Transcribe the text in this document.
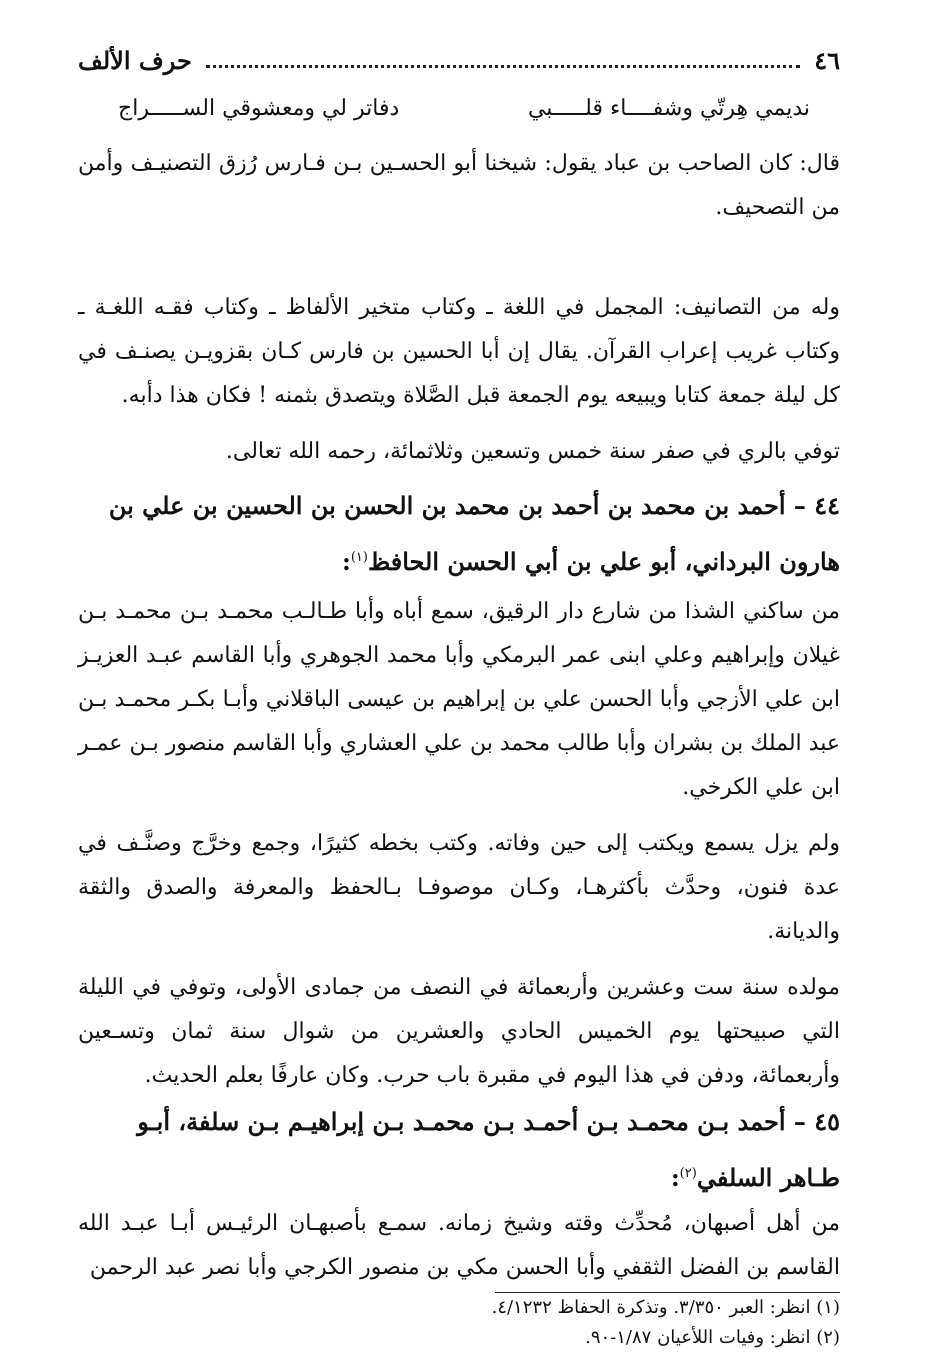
٤٦
حرف الألف
نديمي هِرتّي وشفــــاء قلـــــبي
دفاتر لي ومعشوقي الســـــراج

قال: كان الصاحب بن عباد يقول: شيخنا أبو الحسـين بـن فـارس رُزق التصنيـف وأمن من التصحيف.

وله من التصانيف: المجمل في اللغة ـ وكتاب متخير الألفاظ ـ وكتاب فقـه اللغـة ـ وكتاب غريب إعراب القرآن. يقال إن أبا الحسين بن فارس كـان بقزويـن يصنـف في كل ليلة جمعة كتابا ويبيعه يوم الجمعة قبل الصَّلاة ويتصدق بثمنه ! فكان هذا دأبه.

توفي بالري في صفر سنة خمس وتسعين وثلاثمائة، رحمه الله تعالى.

٤٤ – أحمد بن محمد بن أحمد بن محمد بن الحسن بن الحسين بن علي بن هارون البرداني، أبو علي بن أبي الحسن الحافظ$^{(١)}$:

من ساكني الشذا من شارع دار الرقيق، سمع أباه وأبا طـالـب محمـد بـن محمـد بـن غيلان وإبراهيم وعلي ابنى عمر البرمكي وأبا محمد الجوهري وأبا القاسم عبـد العزيـز ابن علي الأزجي وأبا الحسن علي بن إبراهيم بن عيسى الباقلاني وأبـا بكـر محمـد بـن عبد الملك بن بشران وأبا طالب محمد بن علي العشاري وأبا القاسم منصور بـن عمـر ابن علي الكرخي.

ولم يزل يسمع ويكتب إلى حين وفاته. وكتب بخطه كثيرًا، وجمع وخرَّج وصنَّـف في عدة فنون، وحدَّث بأكثرهـا، وكـان موصوفـا بـالحفظ والمعرفة والصدق والثقة والديانة.

مولده سنة ست وعشرين وأربعمائة في النصف من جمادى الأولى، وتوفي في الليلة التي صبيحتها يوم الخميس الحادي والعشرين من شوال سنة ثمان وتسـعين وأربعمائة، ودفن في هذا اليوم في مقبرة باب حرب. وكان عارفًا بعلم الحديث.

٤٥ – أحمد بـن محمـد بـن أحمـد بـن محمـد بـن إبراهيـم بـن سلفة، أبـو طـاهر السلفي$^{(٢)}$:

من أهل أصبهان، مُحدِّث وقته وشيخ زمانه. سمـع بأصبهـان الرئيـس أبـا عبـد الله القاسم بن الفضل الثقفي وأبا الحسن مكي بن منصور الكرجي وأبا نصر عبد الرحمن

(١) انظر: العبر ٣/٣٥٠. وتذكرة الحفاظ ٤/١٢٣٢.

(٢) انظر: وفيات اللأعيان ١/٨٧-٩٠.
